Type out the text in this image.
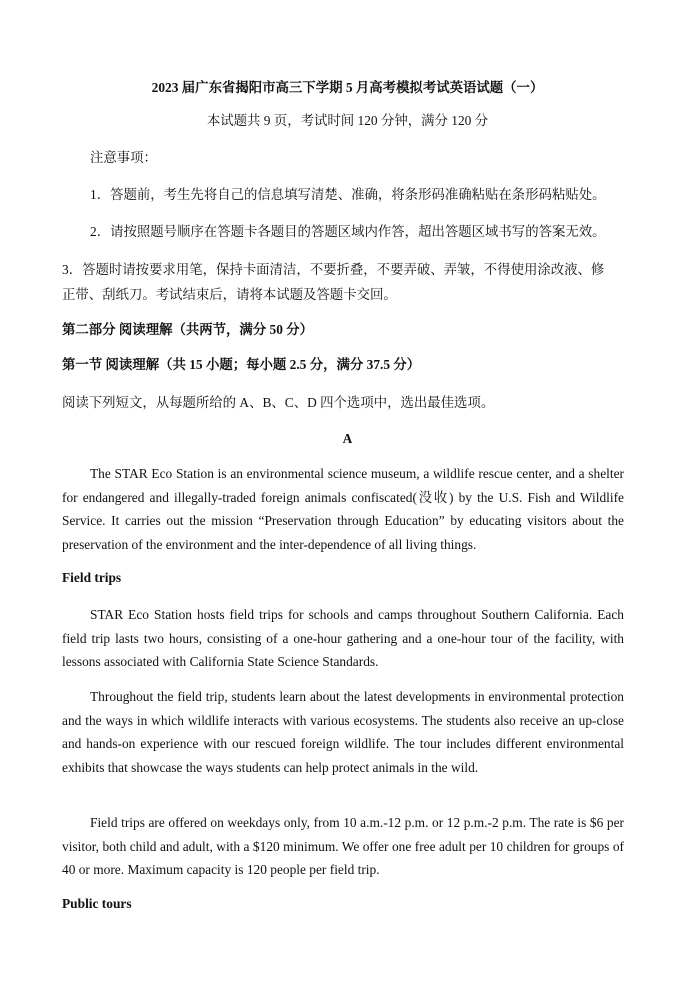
2023 届广东省揭阳市高三下学期 5 月高考模拟考试英语试题（一）
本试题共 9 页，考试时间 120 分钟，满分 120 分
注意事项：
1．答题前，考生先将自己的信息填写清楚、准确，将条形码准确粘贴在条形码粘贴处。
2．请按照题号顺序在答题卡各题目的答题区域内作答，超出答题区域书写的答案无效。
3．答题时请按要求用笔，保持卡面清洁，不要折叠，不要弄破、弄皱，不得使用涂改液、修
正带、刮纸刀。考试结束后，请将本试题及答题卡交回。
第二部分 阅读理解（共两节，满分 50 分）
第一节 阅读理解（共 15 小题；每小题 2.5 分，满分 37.5 分）
阅读下列短文，从每题所给的 A、B、C、D 四个选项中，选出最佳选项。
A
The STAR Eco Station is an environmental science museum, a wildlife rescue center, and a shelter for endangered and illegally-traded foreign animals confiscated(没收) by the U.S. Fish and Wildlife Service. It carries out the mission “Preservation through Education” by educating visitors about the preservation of the environment and the inter-dependence of all living things.
Field trips
STAR Eco Station hosts field trips for schools and camps throughout Southern California. Each field trip lasts two hours, consisting of a one-hour gathering and a one-hour tour of the facility, with lessons associated with California State Science Standards.
Throughout the field trip, students learn about the latest developments in environmental protection and the ways in which wildlife interacts with various ecosystems. The students also receive an up-close and hands-on experience with our rescued foreign wildlife. The tour includes different environmental exhibits that showcase the ways students can help protect animals in the wild.
Field trips are offered on weekdays only, from 10 a.m.-12 p.m. or 12 p.m.-2 p.m. The rate is $6 per visitor, both child and adult, with a $120 minimum. We offer one free adult per 10 children for groups of 40 or more. Maximum capacity is 120 people per field trip.
Public tours
